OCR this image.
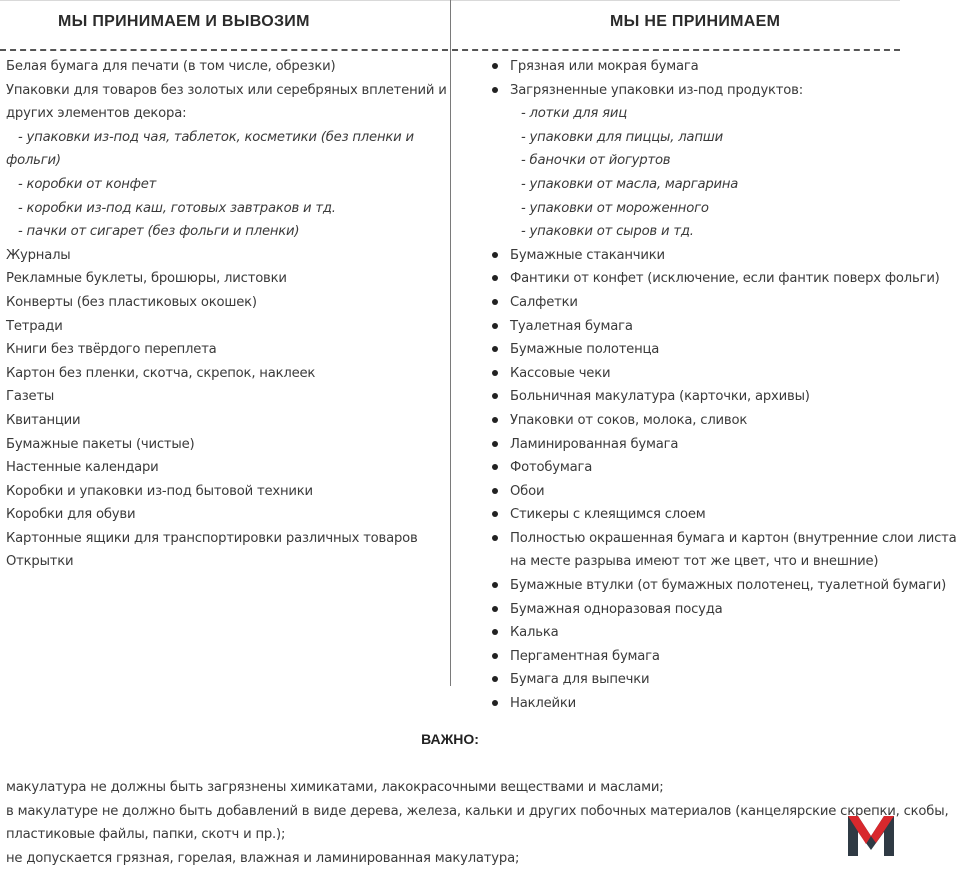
МЫ ПРИНИМАЕМ И ВЫВОЗИМ	МЫ НЕ ПРИНИМАЕМ
Белая бумага для печати (в том числе, обрезки)
Упаковки для товаров без золотых или серебряных вплетений и
других элементов декора:
- упаковки из-под чая, таблеток, косметики (без пленки и
фольги)
- коробки от конфет
- коробки из-под каш, готовых завтраков и тд.
- пачки от сигарет (без фольги и пленки)
Журналы
Рекламные буклеты, брошюры, листовки
Конверты (без пластиковых окошек)
Тетради
Книги без твёрдого переплета
Картон без пленки, скотча, скрепок, наклеек
Газеты
Квитанции
Бумажные пакеты (чистые)
Настенные календари
Коробки и упаковки из-под бытовой техники
Коробки для обуви
Картонные ящики для транспортировки различных товаров
Открытки
Грязная или мокрая бумага
Загрязненные упаковки из-под продуктов:
- лотки для яиц
- упаковки для пиццы, лапши
- баночки от йогуртов
- упаковки от масла, маргарина
- упаковки от мороженного
- упаковки от сыров и тд.
Бумажные стаканчики
Фантики от конфет (исключение, если фантик поверх фольги)
Салфетки
Туалетная бумага
Бумажные полотенца
Кассовые чеки
Больничная макулатура (карточки, архивы)
Упаковки от соков, молока, сливок
Ламинированная бумага
Фотобумага
Обои
Стикеры с клеящимся слоем
Полностью окрашенная бумага и картон (внутренние слои листа
на месте разрыва имеют тот же цвет, что и внешние)
Бумажные втулки (от бумажных полотенец, туалетной бумаги)
Бумажная одноразовая посуда
Калька
Пергаментная бумага
Бумага для выпечки
Наклейки
ВАЖНО:
макулатура не должны быть загрязнены химикатами, лакокрасочными веществами и маслами;
в макулатуре не должно быть добавлений в виде дерева, железа, кальки и других побочных материалов (канцелярские скрепки, скобы,
пластиковые файлы, папки, скотч и пр.);
не допускается грязная, горелая, влажная и ламинированная макулатура;
